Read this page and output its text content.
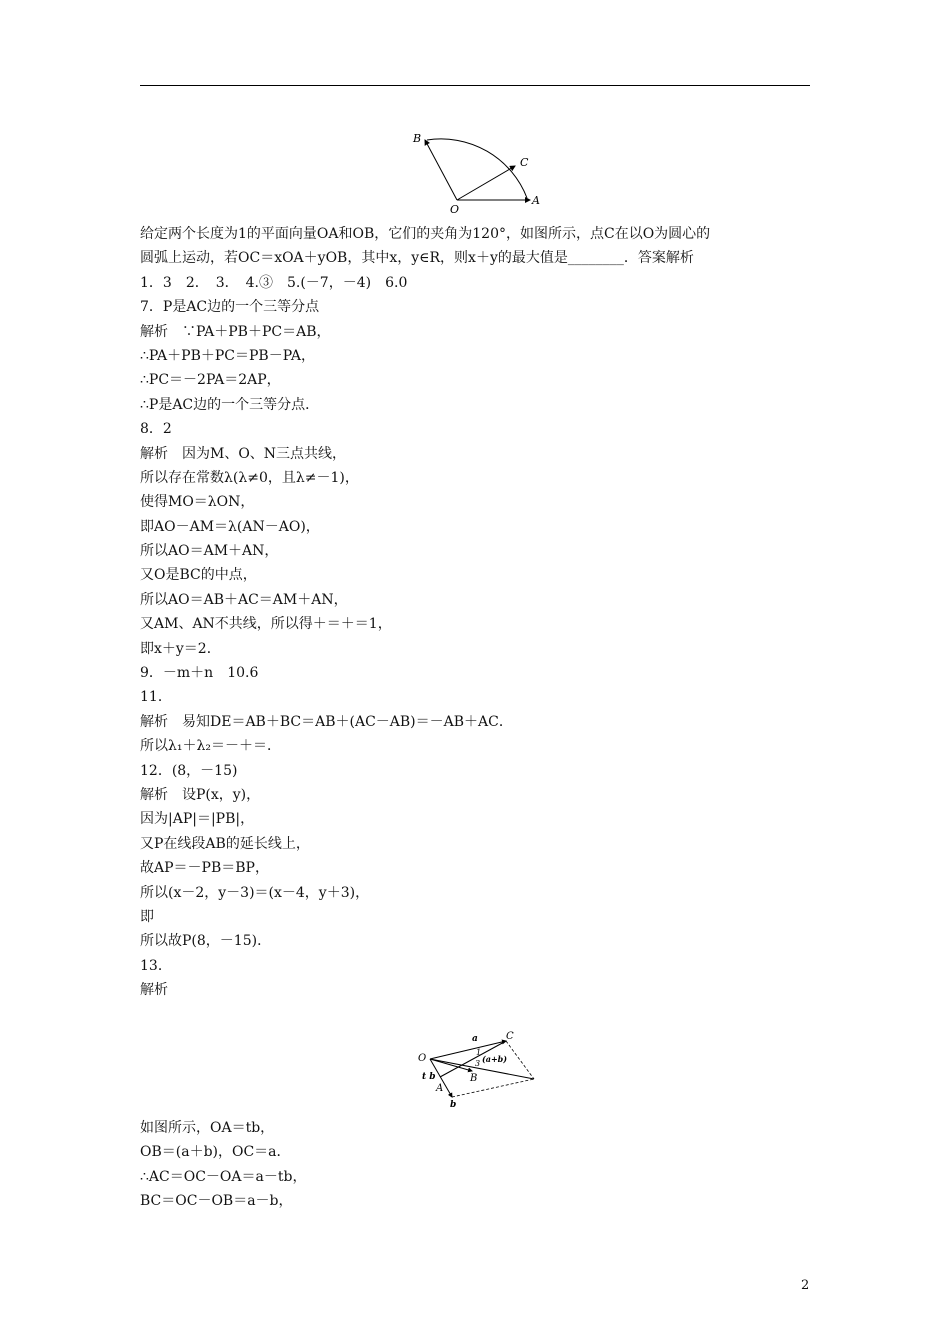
B
C
O
A
给定两个长度为1的平面向量OA和OB，它们的夹角为120°，如图所示，点C在以O为圆心的
圆弧上运动，若OC＝xOA＋yOB，其中x，y∈R，则x＋y的最大值是________．答案解析
1．3　2．　3．　4.③　5.(－7，－4)　6.0
7．P是AC边的一个三等分点
解析　∵PA＋PB＋PC＝AB，
∴PA＋PB＋PC＝PB－PA，
∴PC＝－2PA＝2AP，
∴P是AC边的一个三等分点．
8．2
解析　因为M、O、N三点共线，
所以存在常数λ(λ≠0，且λ≠－1)，
使得MO＝λON，
即AO－AM＝λ(AN－AO)，
所以AO＝AM＋AN，
又O是BC的中点，
所以AO＝AB＋AC＝AM＋AN，
又AM、AN不共线，所以得＋＝＋＝1，
即x＋y＝2．
9．－m＋n　10.6
11．
解析　易知DE＝AB＋BC＝AB＋(AC－AB)＝－AB＋AC．
所以λ₁＋λ₂＝－＋＝．
12．(8，－15)
解析　设P(x，y)，
因为|AP|＝|PB|，
又P在线段AB的延长线上，
故AP＝－PB＝BP，
所以(x－2，y－3)＝(x－4，y＋3)，
即
所以故P(8，－15)．
13．
解析
a	C
O
1
3 (a+b)
t b	B
A
b
如图所示，OA＝tb，
OB＝(a＋b)，OC＝a．
∴AC＝OC－OA＝a－tb，
BC＝OC－OB＝a－b，
2
